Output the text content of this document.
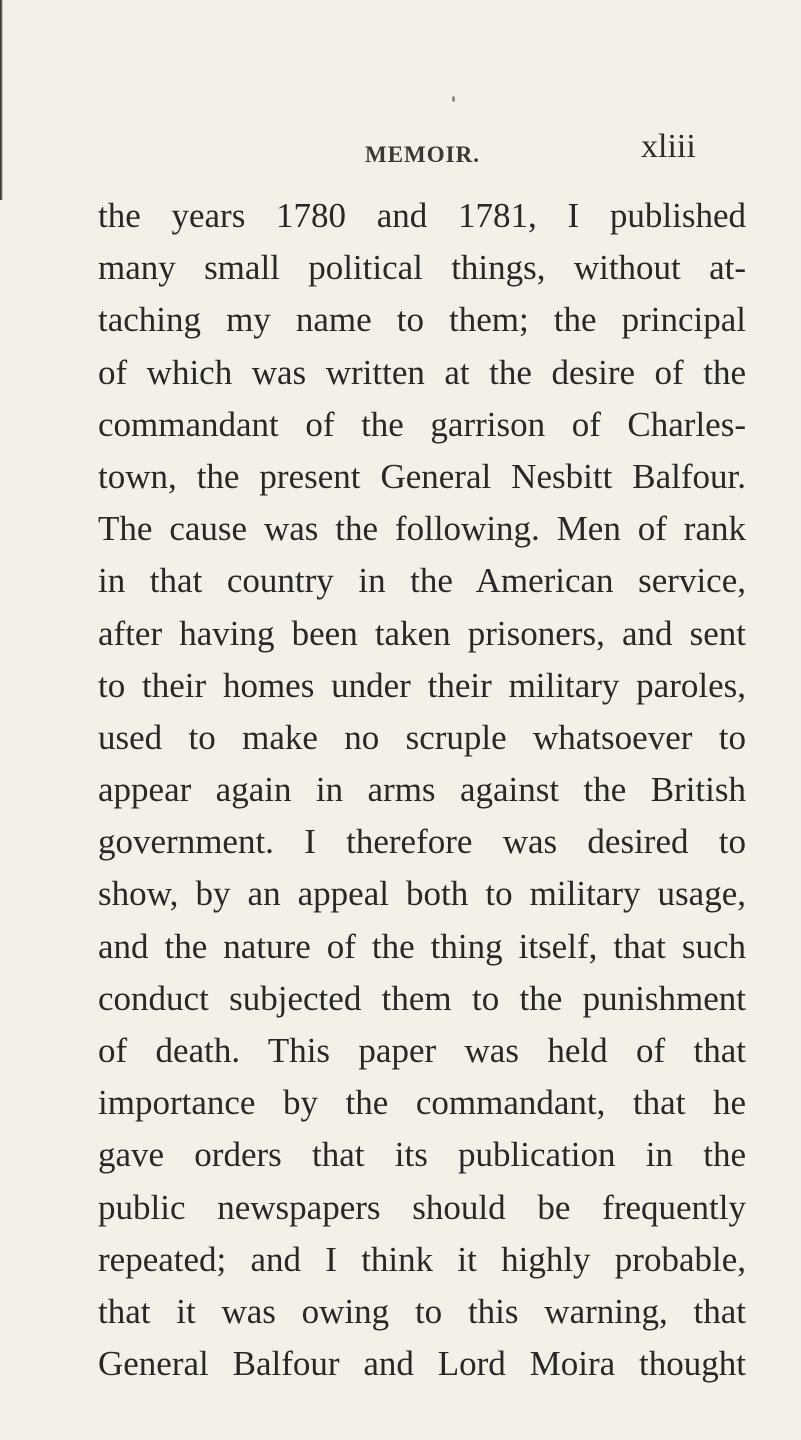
MEMOIR.	xliii
the years 1780 and 1781, I published
many small political things, without at-
taching my name to them; the principal
of which was written at the desire of the
commandant of the garrison of Charles-
town, the present General Nesbitt Balfour.
The cause was the following. Men of rank
in that country in the American service,
after having been taken prisoners, and sent
to their homes under their military paroles,
used to make no scruple whatsoever to
appear again in arms against the British
government. I therefore was desired to
show, by an appeal both to military usage,
and the nature of the thing itself, that such
conduct subjected them to the punishment
of death. This paper was held of that
importance by the commandant, that he
gave orders that its publication in the
public newspapers should be frequently
repeated; and I think it highly probable,
that it was owing to this warning, that
General Balfour and Lord Moira thought
